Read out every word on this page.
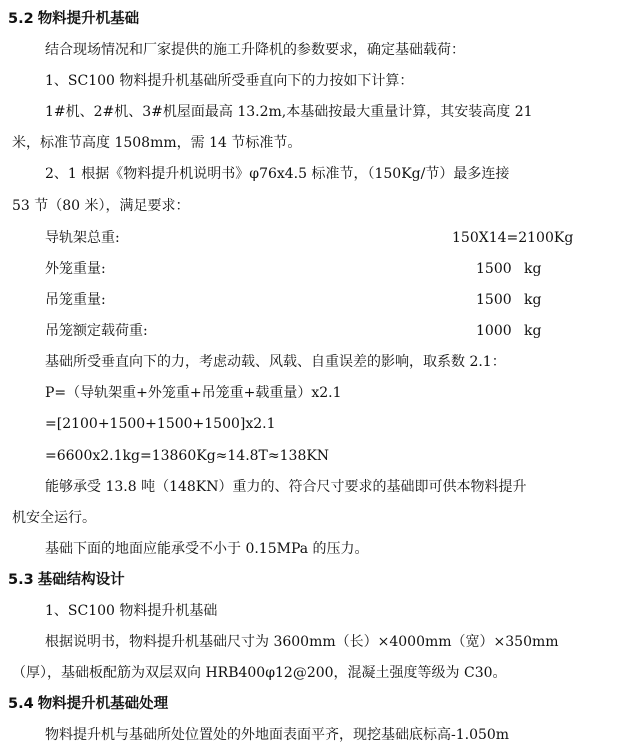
5.2 物料提升机基础
结合现场情况和厂家提供的施工升降机的参数要求，确定基础载荷：
1、SC100 物料提升机基础所受垂直向下的力按如下计算：
1#机、2#机、3#机屋面最高 13.2m,本基础按最大重量计算，其安装高度 21
米，标准节高度 1508mm，需 14 节标准节。
2、1 根据《物料提升机说明书》φ76x4.5 标准节，（150Kg/节）最多连接
53 节（80 米），满足要求：
导轨架总重:	150X14=2100Kg
外笼重量:	1500 kg
吊笼重量:	1500 kg
吊笼额定载荷重:	1000 kg
基础所受垂直向下的力，考虑动载、风载、自重误差的影响，取系数 2.1：
P=（导轨架重+外笼重+吊笼重+载重量）x2.1
=[2100+1500+1500+1500]x2.1
=6600x2.1kg=13860Kg≈14.8T≈138KN
能够承受 13.8 吨（148KN）重力的、符合尺寸要求的基础即可供本物料提升
机安全运行。
基础下面的地面应能承受不小于 0.15MPa 的压力。
5.3 基础结构设计
1、SC100 物料提升机基础
根据说明书，物料提升机基础尺寸为 3600mm（长）×4000mm（宽）×350mm
（厚），基础板配筋为双层双向 HRB400φ12@200，混凝土强度等级为 C30。
5.4 物料提升机基础处理
物料提升机与基础所处位置处的外地面表面平齐，现挖基础底标高-1.050m
